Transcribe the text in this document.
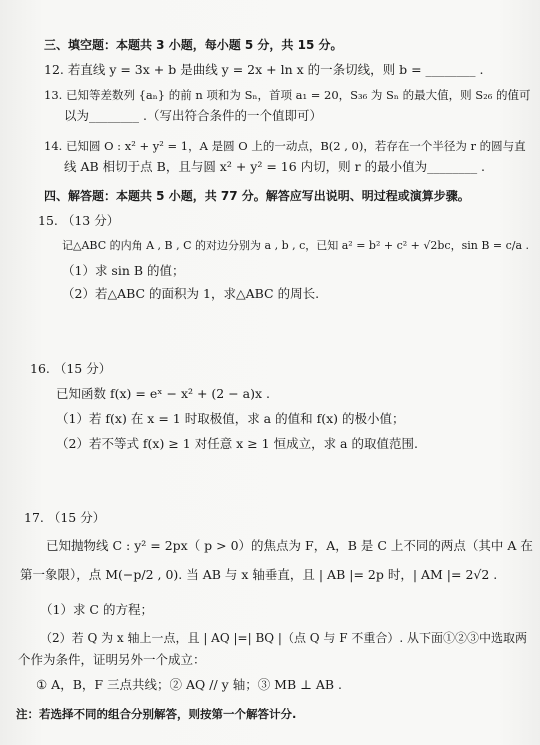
三、填空题：本题共 3 小题，每小题 5 分，共 15 分。
12. 若直线 y = 3x + b 是曲线 y = 2x + ln x 的一条切线，则 b = ________ .
13. 已知等差数列 {aₙ} 的前 n 项和为 Sₙ，首项 a₁ = 20，S₃₆ 为 Sₙ 的最大值，则 S₂₆ 的值可
以为________ .（写出符合条件的一个值即可）
14. 已知圆 O : x² + y² = 1，A 是圆 O 上的一动点，B(2 , 0)，若存在一个半径为 r 的圆与直
线 AB 相切于点 B，且与圆 x² + y² = 16 内切，则 r 的最小值为________ .
四、解答题：本题共 5 小题，共 77 分。解答应写出说明、明过程或演算步骤。
15. （13 分）
记△ABC 的内角 A , B , C 的对边分别为 a , b , c，已知 a² = b² + c² + √2bc，sin B = c/a .
（1）求 sin B 的值；
（2）若△ABC 的面积为 1，求△ABC 的周长.
16. （15 分）
已知函数 f(x) = eˣ − x² + (2 − a)x .
（1）若 f(x) 在 x = 1 时取极值，求 a 的值和 f(x) 的极小值；
（2）若不等式 f(x) ≥ 1 对任意 x ≥ 1 恒成立，求 a 的取值范围.
17. （15 分）
已知抛物线 C : y² = 2px（ p > 0）的焦点为 F，A，B 是 C 上不同的两点（其中 A 在
第一象限），点 M(−p/2 , 0). 当 AB 与 x 轴垂直，且 | AB |= 2p 时，| AM |= 2√2 .
（1）求 C 的方程；
（2）若 Q 为 x 轴上一点，且 | AQ |=| BQ |（点 Q 与 F 不重合）. 从下面①②③中选取两
个作为条件，证明另外一个成立：
① A，B，F 三点共线；② AQ // y 轴；③ MB ⊥ AB .
注：若选择不同的组合分别解答，则按第一个解答计分.
